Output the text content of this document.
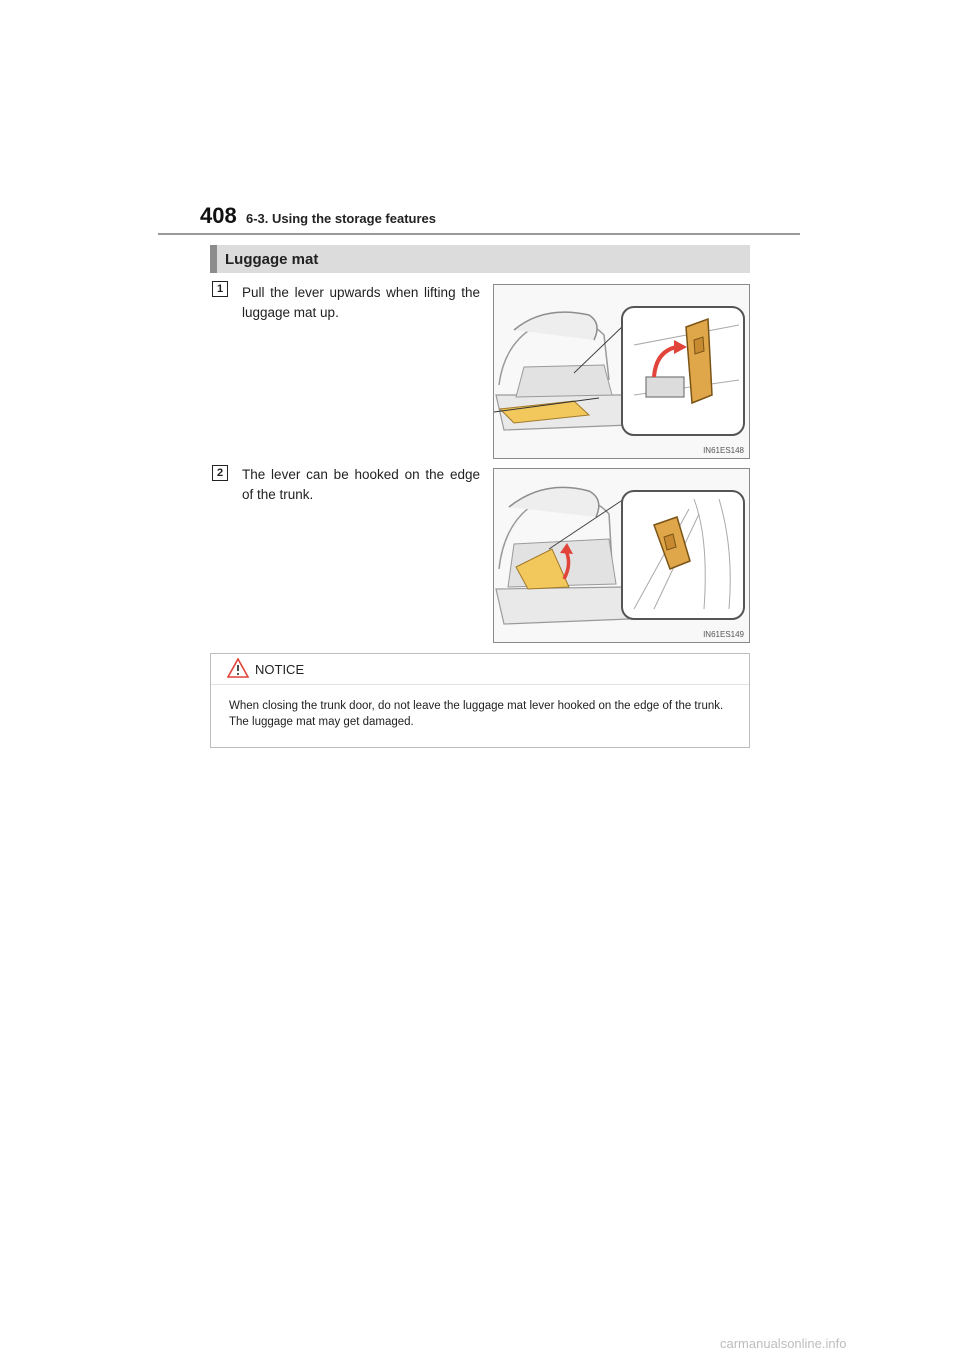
408 6-3. Using the storage features
Luggage mat
1	Pull the lever upwards when lifting the luggage mat up.
IN61ES148
2	The lever can be hooked on the edge of the trunk.
IN61ES149
NOTICE
When closing the trunk door, do not leave the luggage mat lever hooked on the edge of the trunk. The luggage mat may get damaged.
carmanualsonline.info
